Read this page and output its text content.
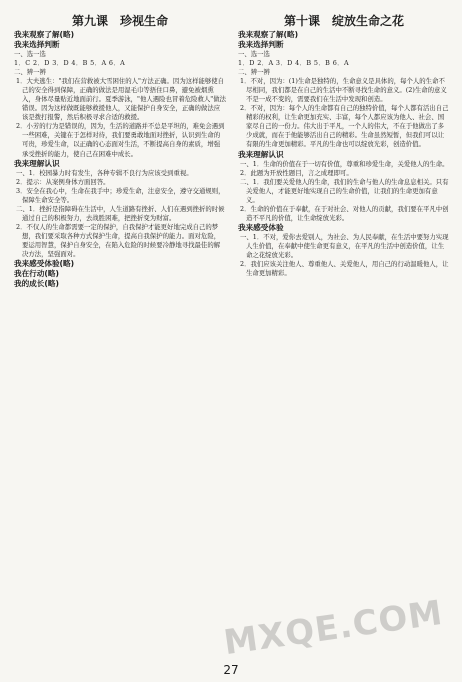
第九课　珍视生命
我来观察了解(略)
我来选择判断
一、选一选
1．C 2．D 3．D 4．B 5．A 6．A
二、辨一辨
1．大夫逃生："我们在营救被大雪困住的人"方法正确。因为这样能够使自己的安全得到保障，正确的做法是用湿毛巾等捂住口鼻，避免被烟熏入，身体尽量贴近地面前行。夏季游泳，"他人遇险也冒着危险救人"做法错误。因为这样做既能够救援他人，又能保护自身安全，正确的做法应该是拨打报警，然后积极寻求合适的救援。
2．小芳的行为是错误的，因为，生活的道路并不总是平坦的，难免会遇到一些困难，关键在于怎样对待，我们要勇敢地面对挫折，认识到生命的可贵，珍爱生命，以正确的心态面对生活，不断提高自身的素质，增强承受挫折的能力，使自己在困难中成长。
我来理解认识
一、1．校园暴力时有发生，各种专辑不良行为应该受到重视。
2．提示：从案例身体方面回答。
3．安全在我心中，生命在我手中；珍爱生命，注意安全，遵守交通规则，保障生命安全等。
二、1．挫折是指障碍在生活中，人生道路有挫折、人们在遇到挫折的时候通过自己的积极努力，去战胜困难，把挫折变为财富。
2．不仅人的生命都需要一定的保护，自我保护才能更好地完成自己的梦想，我们要采取各种方式保护生命，提高自我保护的能力。面对危险，要运用智慧，保护自身安全，在陷入危险的时候要冷静地寻找最佳的解决方法，坚强面对。
我来感受体验(略)
我在行动(略)
我的成长(略)
第十课　绽放生命之花
我来观察了解(略)
我来选择判断
一、选一选
1．D 2．A 3．D 4．B 5．B 6．A
二、辨一辨
1．不对，因为：(1)生命是独特的，生命意义是具体的，每个人的生命不尽相同，我们都是在自己的生活中不断寻找生命的意义。(2)生命的意义不是一成不变的，需要我们在生活中发现和创造。
2．不对，因为：每个人的生命都有自己的独特价值，每个人都有活出自己精彩的权利，让生命更加充实、丰富，每个人都应该为他人、社会、国家尽自己的一份力。伟大出于平凡，一个人的伟大，不在于他做出了多少成就，而在于他能够活出自己的精彩。生命虽然短暂，但我们可以让有限的生命更加精彩。平凡的生命也可以绽放光彩，创造价值。
我来理解认识
一、1．生命的价值在于一切有价值，尊重和珍爱生命，关爱他人的生命。
2．此题为开放性题目，言之成理即可。
二、1．我们要关爱他人的生命，我们的生命与他人的生命息息相关。只有关爱他人，才能更好地实现自己的生命价值，让我们的生命更加有意义。
2．生命的价值在于奉献，在于对社会、对他人的贡献，我们要在平凡中创造不平凡的价值，让生命绽放光彩。
我来感受体验
一、1．不对，爱你去爱别人，为社会、为人民奉献，在生活中要努力实现人生价值，在奉献中使生命更有意义，在平凡的生活中创造价值，让生命之花绽放光彩。
2．我们应该关注他人、尊重他人、关爱他人，用自己的行动温暖他人，让生命更加精彩。
27
MXQE.COM
